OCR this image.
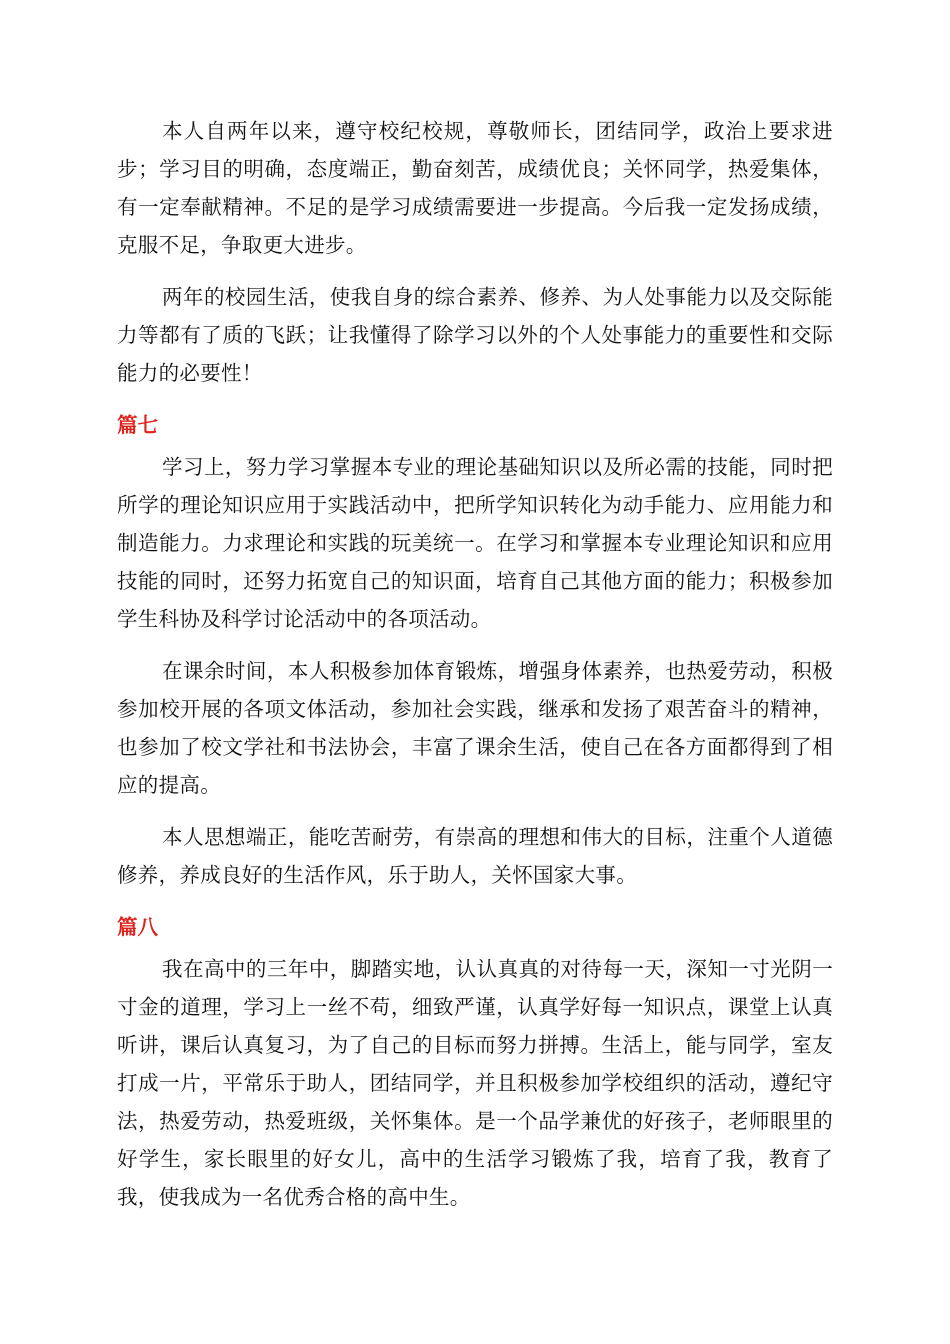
本人自两年以来，遵守校纪校规，尊敬师长，团结同学，政治上要求进步；学习目的明确，态度端正，勤奋刻苦，成绩优良；关怀同学，热爱集体，有一定奉献精神。不足的是学习成绩需要进一步提高。今后我一定发扬成绩，克服不足，争取更大进步。

两年的校园生活，使我自身的综合素养、修养、为人处事能力以及交际能力等都有了质的飞跃；让我懂得了除学习以外的个人处事能力的重要性和交际能力的必要性！

篇七

学习上，努力学习掌握本专业的理论基础知识以及所必需的技能，同时把所学的理论知识应用于实践活动中，把所学知识转化为动手能力、应用能力和制造能力。力求理论和实践的玩美统一。在学习和掌握本专业理论知识和应用技能的同时，还努力拓宽自己的知识面，培育自己其他方面的能力；积极参加学生科协及科学讨论活动中的各项活动。

在课余时间，本人积极参加体育锻炼，增强身体素养，也热爱劳动，积极参加校开展的各项文体活动，参加社会实践，继承和发扬了艰苦奋斗的精神，也参加了校文学社和书法协会，丰富了课余生活，使自己在各方面都得到了相应的提高。

本人思想端正，能吃苦耐劳，有崇高的理想和伟大的目标，注重个人道德修养，养成良好的生活作风，乐于助人，关怀国家大事。

篇八

我在高中的三年中，脚踏实地，认认真真的对待每一天，深知一寸光阴一寸金的道理，学习上一丝不苟，细致严谨，认真学好每一知识点，课堂上认真听讲，课后认真复习，为了自己的目标而努力拼搏。生活上，能与同学，室友打成一片，平常乐于助人，团结同学，并且积极参加学校组织的活动，遵纪守法，热爱劳动，热爱班级，关怀集体。是一个品学兼优的好孩子，老师眼里的好学生，家长眼里的好女儿，高中的生活学习锻炼了我，培育了我，教育了我，使我成为一名优秀合格的高中生。
